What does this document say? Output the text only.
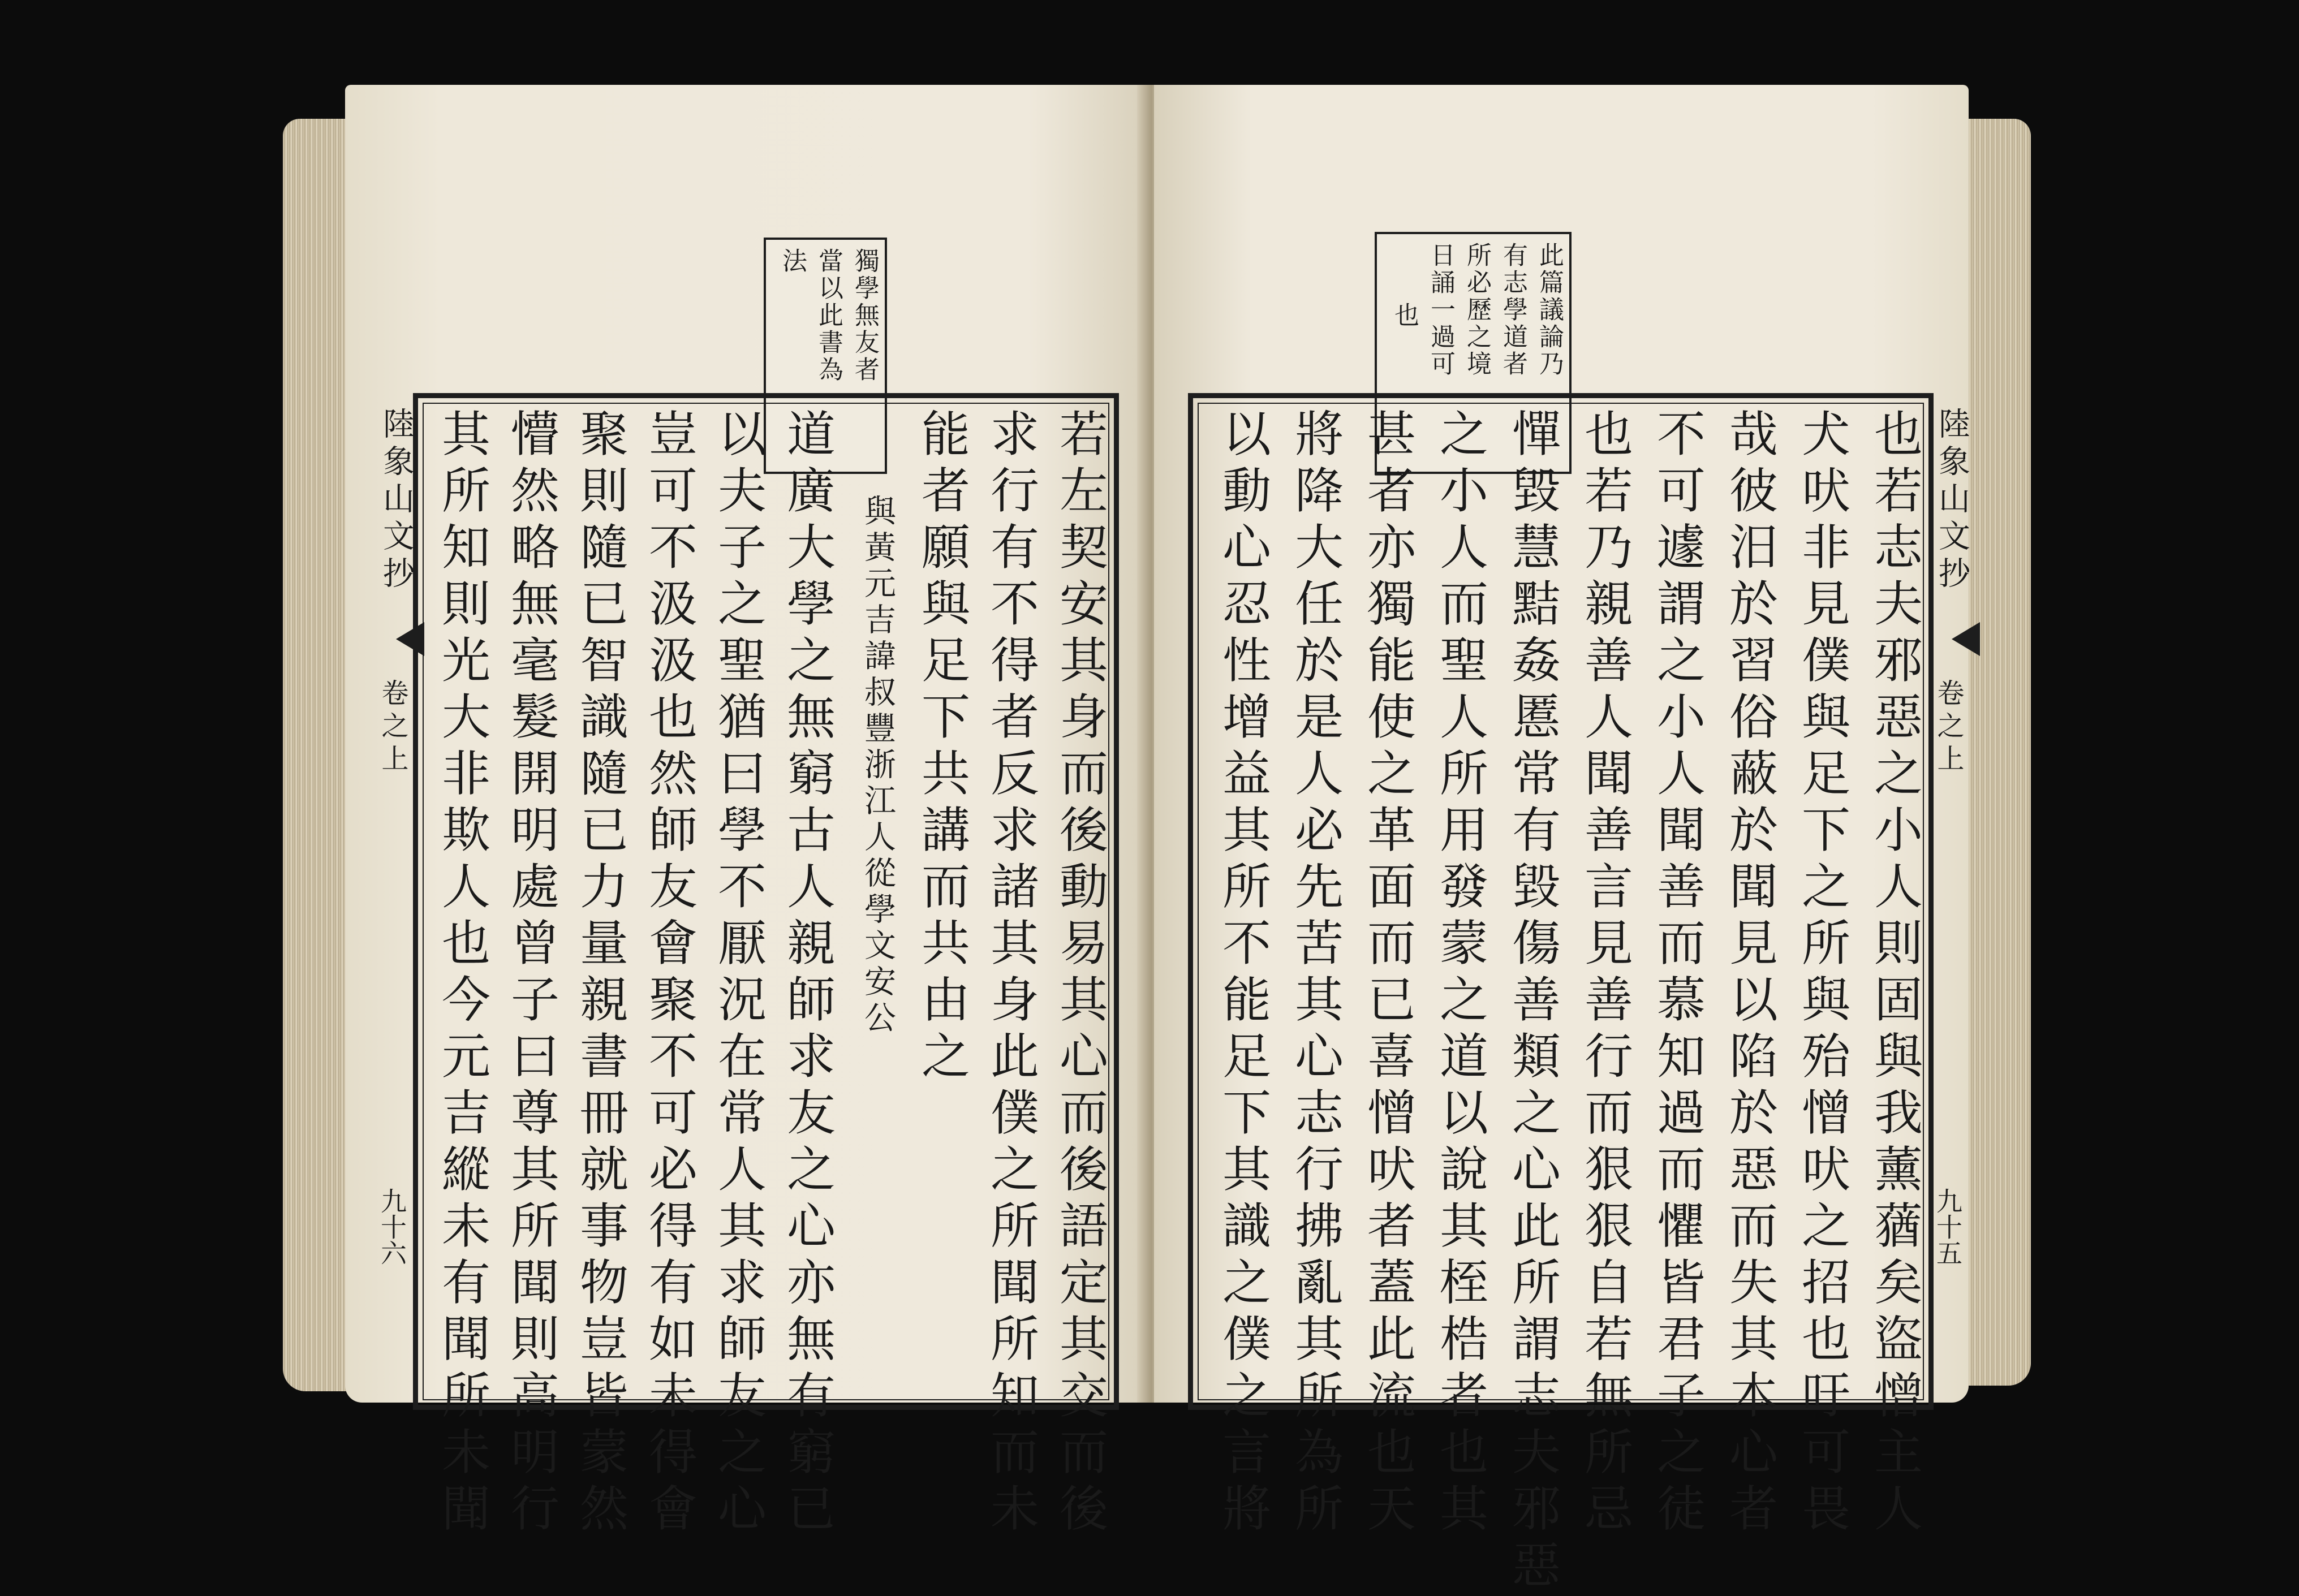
獨學無友者
當以此書為
法
若左契安其身而後動易其心而後語定其交而後
求行有不得者反求諸其身此僕之所聞所知而未
能者願與足下共講而共由之
與黃元吉諱叔豐浙江人從學文安公
道廣大學之無窮古人親師求友之心亦無有窮已
以夫子之聖猶曰學不厭況在常人其求師友之心
豈可不汲汲也然師友會聚不可必得有如未得會
聚則隨已智識隨已力量親書冊就事物豈皆蒙然
懵然略無毫髮開明處曾子曰尊其所聞則高明行
其所知則光大非欺人也今元吉縱未有聞所未聞
陸象山文抄
卷之上
九十六
此篇議論乃
有志學道者
所必歷之境
日誦一過可
也
也若志夫邪惡之小人則固與我薰蕕矣盜憎主人
犬吠非見僕與足下之所與殆憎吠之招也吁可畏
哉彼汨於習俗蔽於聞見以陷於惡而失其本心者
不可遽謂之小人聞善而慕知過而懼皆君子之徒
也若乃親善人聞善言見善行而狠狠自若無所忌
憚毀慧黠姦慝常有毀傷善類之心此所謂志夫邪惡
之小人而聖人所用發蒙之道以說其桎梏者也其
甚者亦獨能使之革面而已喜憎吠者蓋此流也天
將降大任於是人必先苦其心志行拂亂其所為所
以動心忍性增益其所不能足下其識之僕之言將	陸象山文抄
卷之上
九十五
